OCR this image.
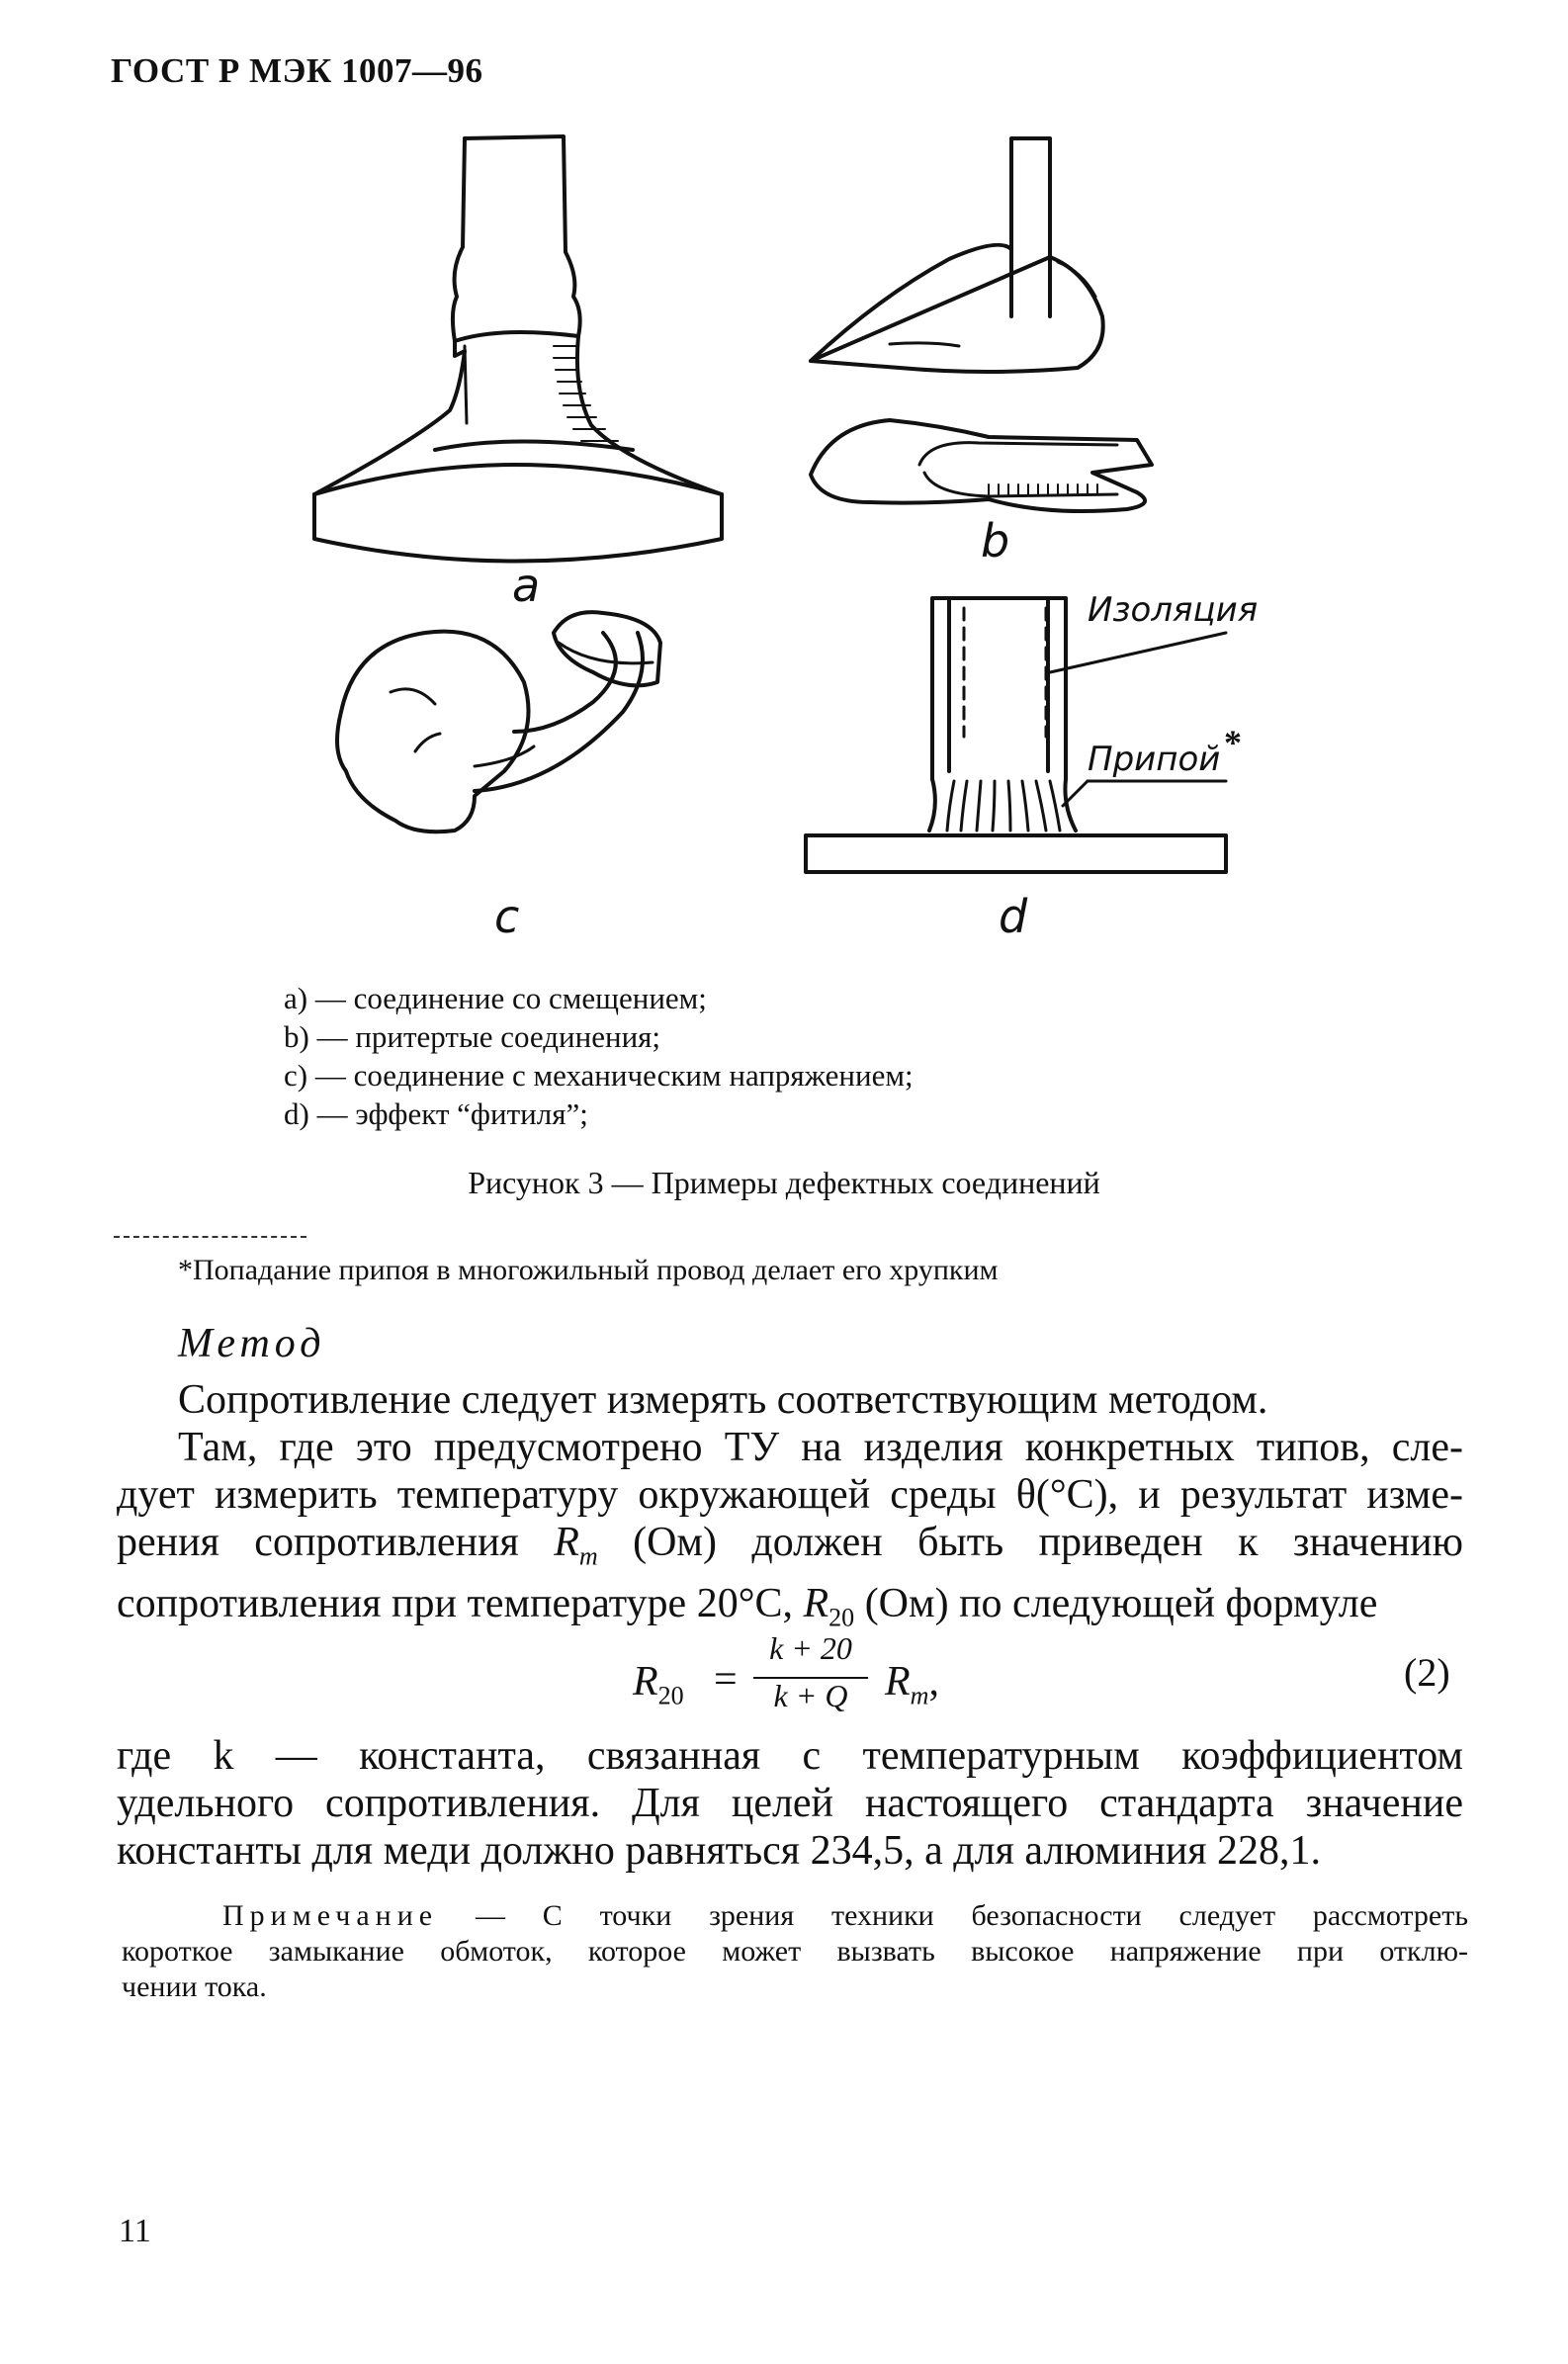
ГОСТ Р МЭК 1007—96
a
b
c	d
Изоляция
Припой *
а) — соединение со смещением;
b) — притертые соединения;
с) — соединение с механическим напряжением;
d) — эффект “фитиля”;
Рисунок 3 — Примеры дефектных соединений
*Попадание припоя в многожильный провод делает его хрупким
Метод
Сопротивление следует измерять соответствующим методом.
Там, где это предусмотрено ТУ на изделия конкретных типов, сле-
дует измерить температуру окружающей среды θ(°С), и результат изме-
рения сопротивления $R_m$ (Ом) должен быть приведен к значению
сопротивления при температуре 20°С, $R_{20}$ (Ом) по следующей формуле
$R_{20}$ =
k + 20
k + Q $R_m$,	(2)
где k — константа, связанная с температурным коэффициентом
удельного сопротивления. Для целей настоящего стандарта значение
константы для меди должно равняться 234,5, а для алюминия 228,1.
Примечание — С точки зрения техники безопасности следует рассмотреть
короткое замыкание обмоток, которое может вызвать высокое напряжение при отклю-
чении тока.
11
